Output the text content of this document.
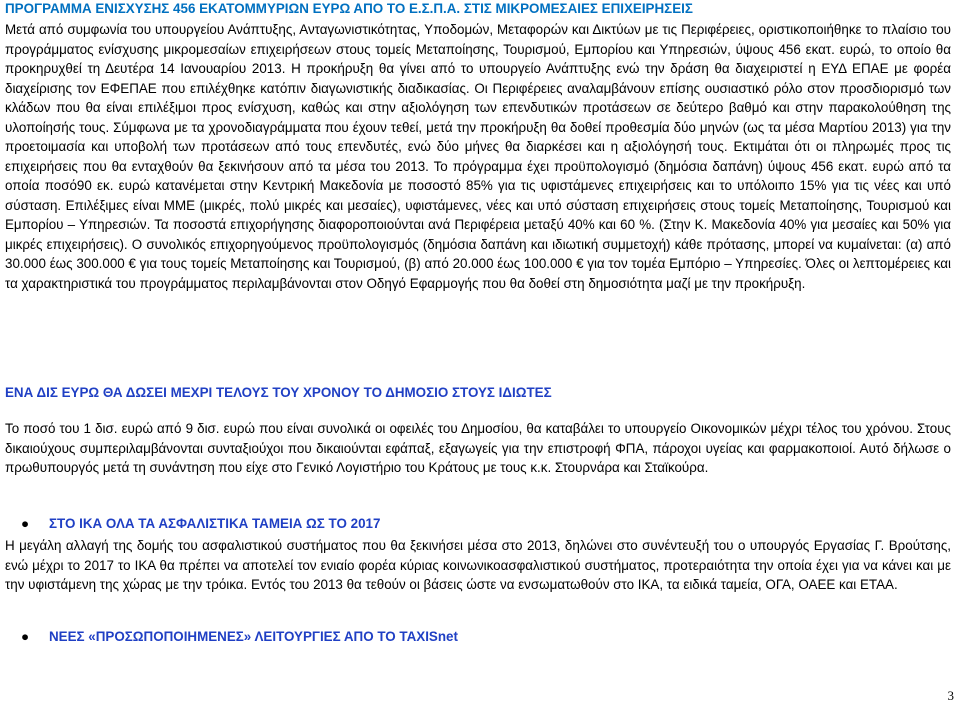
ΠΡΟΓΡΑΜΜΑ ΕΝΙΣΧΥΣΗΣ 456 ΕΚΑΤΟΜΜΥΡΙΩΝ ΕΥΡΩ ΑΠΟ ΤΟ Ε.Σ.Π.Α. ΣΤΙΣ ΜΙΚΡΟΜΕΣΑΙΕΣ ΕΠΙΧΕΙΡΗΣΕΙΣ

Μετά από συμφωνία του υπουργείου Ανάπτυξης, Ανταγωνιστικότητας, Υποδομών, Μεταφορών και Δικτύων με τις Περιφέρειες, οριστικοποιήθηκε το πλαίσιο του προγράμματος ενίσχυσης μικρομεσαίων επιχειρήσεων στους τομείς Μεταποίησης, Τουρισμού, Εμπορίου και Υπηρεσιών, ύψους 456 εκατ. ευρώ, το οποίο θα προκηρυχθεί τη Δευτέρα 14 Ιανουαρίου 2013. Η προκήρυξη θα γίνει από το υπουργείο Ανάπτυξης ενώ την δράση θα διαχειριστεί η ΕΥΔ ΕΠΑΕ με φορέα διαχείρισης τον ΕΦΕΠΑΕ που επιλέχθηκε κατόπιν διαγωνιστικής διαδικασίας. Οι Περιφέρειες αναλαμβάνουν επίσης ουσιαστικό ρόλο στον προσδιορισμό των κλάδων που θα είναι επιλέξιμοι προς ενίσχυση, καθώς και στην αξιολόγηση των επενδυτικών προτάσεων σε δεύτερο βαθμό και στην παρακολούθηση της υλοποίησής τους. Σύμφωνα με τα χρονοδιαγράμματα που έχουν τεθεί, μετά την προκήρυξη θα δοθεί προθεσμία δύο μηνών (ως τα μέσα Μαρτίου 2013) για την προετοιμασία και υποβολή των προτάσεων από τους επενδυτές, ενώ δύο μήνες θα διαρκέσει και η αξιολόγησή τους. Εκτιμάται ότι οι πληρωμές προς τις επιχειρήσεις που θα ενταχθούν θα ξεκινήσουν από τα μέσα του 2013. Το πρόγραμμα έχει προϋπολογισμό (δημόσια δαπάνη) ύψους 456 εκατ. ευρώ από τα οποία ποσό90 εκ. ευρώ κατανέμεται στην Κεντρική Μακεδονία με ποσοστό 85% για τις υφιστάμενες επιχειρήσεις και το υπόλοιπο 15% για τις νέες και υπό σύσταση. Επιλέξιμες είναι ΜΜΕ (μικρές, πολύ μικρές και μεσαίες), υφιστάμενες, νέες και υπό σύσταση επιχειρήσεις στους τομείς Μεταποίησης, Τουρισμού και Εμπορίου – Υπηρεσιών. Τα ποσοστά επιχορήγησης διαφοροποιούνται ανά Περιφέρεια μεταξύ 40% και 60 %. (Στην Κ. Μακεδονία 40% για μεσαίες και 50% για μικρές επιχειρήσεις). Ο συνολικός επιχορηγούμενος προϋπολογισμός (δημόσια δαπάνη και ιδιωτική συμμετοχή) κάθε πρότασης, μπορεί να κυμαίνεται: (α) από 30.000 έως 300.000 € για τους τομείς Μεταποίησης και Τουρισμού, (β) από 20.000 έως 100.000 € για τον τομέα Εμπόριο – Υπηρεσίες. Όλες οι λεπτομέρειες και τα χαρακτηριστικά του προγράμματος περιλαμβάνονται στον Οδηγό Εφαρμογής που θα δοθεί στη δημοσιότητα μαζί με την προκήρυξη.

ΕΝΑ ΔΙΣ ΕΥΡΩ ΘΑ ΔΩΣΕΙ ΜΕΧΡΙ ΤΕΛΟΥΣ ΤΟΥ ΧΡΟΝΟΥ ΤΟ ΔΗΜΟΣΙΟ ΣΤΟΥΣ ΙΔΙΩΤΕΣ

Το ποσό του 1 δισ. ευρώ από 9 δισ. ευρώ που είναι συνολικά οι οφειλές του Δημοσίου, θα καταβάλει το υπουργείο Οικονομικών μέχρι τέλος του χρόνου. Στους δικαιούχους συμπεριλαμβάνονται συνταξιούχοι που δικαιούνται εφάπαξ, εξαγωγείς για την επιστροφή ΦΠΑ, πάροχοι υγείας και φαρμακοποιοί. Αυτό δήλωσε ο πρωθυπουργός μετά τη συνάντηση που είχε στο Γενικό Λογιστήριο του Κράτους με τους κ.κ. Στουρνάρα και Σταϊκούρα.

● ΣΤΟ ΙΚΑ ΟΛΑ ΤΑ ΑΣΦΑΛΙΣΤΙΚΑ ΤΑΜΕΙΑ ΩΣ ΤΟ 2017

Η μεγάλη αλλαγή της δομής του ασφαλιστικού συστήματος που θα ξεκινήσει μέσα στο 2013, δηλώνει στο συνέντευξή του ο υπουργός Εργασίας Γ. Βρούτσης, ενώ μέχρι το 2017 το ΙΚΑ θα πρέπει να αποτελεί τον ενιαίο φορέα κύριας κοινωνικοασφαλιστικού συστήματος, προτεραιότητα την οποία έχει για να κάνει και με την υφιστάμενη της χώρας με την τρόικα. Εντός του 2013 θα τεθούν οι βάσεις ώστε να ενσωματωθούν στο ΙΚΑ, τα ειδικά ταμεία, ΟΓΑ, ΟΑΕΕ και ΕΤΑΑ.

● ΝΕΕΣ «ΠΡΟΣΩΠΟΠΟΙΗΜΕΝΕΣ» ΛΕΙΤΟΥΡΓΙΕΣ ΑΠΟ ΤΟ TAXISnet
3
